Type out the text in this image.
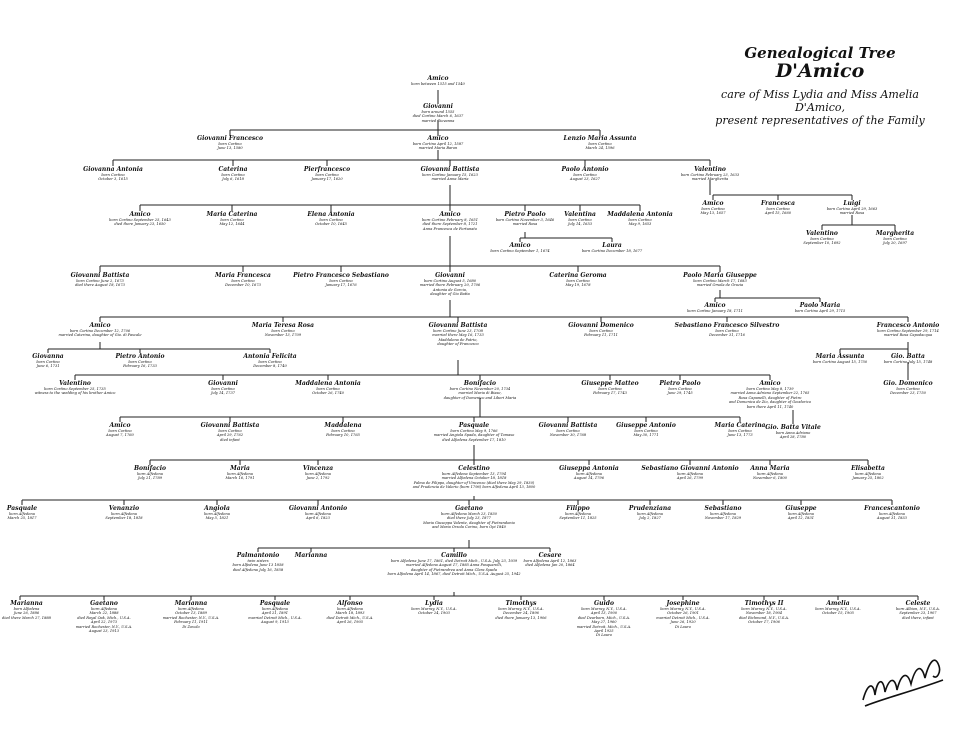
Genealogical Tree
D'Amico
care of Miss Lydia and Miss Amelia D'Amico,
present representatives of the Family
Amico
born between 1515 and 1540
Giovanni
born around 1555
died Cortino March 6, 1637
married Giovanna
Giovanni Francesco
born Cortino
June 13, 1580
Amico
born Cortino April 12, 1587
married Maria Baron
Lenzio Maria Assunta
born Cortino
March 24, 1596
Giovanna Antonia
born Cortino
October 3, 1615
Caterina
born Cortino
July 6, 1618
Pierfrancesco
born Cortino
January 17, 1620
Giovanni Battista
born Cortino January 15, 1623
married Anna Maria
Paolo Antonio
born Cortino
August 23, 1627
Valentino
born Cortino February 23, 1633
married Margherita
Amico
born Cortino September 25, 1643
died there January 23, 1650
Maria Caterina
born Cortino
May 12, 1644
Elena Antonia
born Cortino
October 10, 1645
Amico
born Cortino February 8, 1651
died there September 8, 1721
Anna Francesca de Fortunato
Pietro Paolo
born Cortino November 3, 1646
married Rosa
Valentina
born Cortino
July 14, 1653
Maddalena Antonia
born Cortino
May 9, 1653
Amico
born Cortino
May 13, 1657
Francesca
born Cortino
April 15, 1660
Luigi
born Cortino April 29, 1663
married Rosa
Amico
born Cortino September 1, 1674
Laura
born Cortino December 18, 1677
Valentino
born Cortino
September 10, 1692
Margherita
born Cortino
July 20, 1697
Giovanni Battista
born Cortino June 2, 1673
died there August 18, 1673
Maria Francesca
born Cortino
December 10, 1673
Pietro Francesco Sebastiano
born Cortino
January 17, 1676
Giovanni
born Cortino August 5, 1680
married there February 20, 1706
Antonia de Gorcia,
daughter of Gio Batta
Caterina Geroma
born Cortino
May 19, 1678
Paolo Maria Giuseppe
born Cortino March 17, 1683
married Orsola de Grazia
Amico
born Cortino January 18, 1711
Paolo Maria
born Cortino April 29, 1715
Amico
born Cortino December 12, 1706
married Caterina, daughter of Gio. di Pascale
Maria Teresa Rosa
born Cortino
November 13, 1709
Giovanni Battista
born Cortino June 23, 1708
married there May 16, 1733
Maddalena de Patrio,
daughter of Francesco
Giovanni Domenico
born Cortino
February 11, 1711
Sebastiano Francesco Silvestro
born Cortino
December 31, 1716
Francesco Antonio
born Cortino September 29, 1714
married Rosa Capodacqua
Giovanna
born Cortino
June 6, 1731
Pietro Antonio
born Cortino
February 16, 1733
Antonia Felicita
born Cortino
December 8, 1740
Maria Assunta
born Cortino August 15, 1750
Gio. Batta
born Cortino July 15, 1748
Gio. Domenico
born Cortino
December 23, 1750
Valentino
born Cortino September 25, 1735
witness to the wedding of his brother Amico
Giovanni
born Cortino
July 14, 1737
Maddalena Antonia
born Cortino
October 26, 1740
Bonifacio
born Cortino November 20, 1734
married Maria di Biase,
daughter of Domenico and Liberi Maria
Giuseppe Matteo
born Cortino
February 17, 1743
Pietro Paolo
born Cortino
June 29, 1745
Amico
born Cortino May 8, 1739
married Anna Adriano September 22, 1765
Rosa Capanelli, daughter of Pietro
and Domenica de Zio, daughter of Geodorico
born there April 11, 1740
Amico
born Cortino
August 7, 1760
Giovanni Battista
born Cortino
April 29, 1762
died infant
Maddalena
born Cortino
February 10, 1765
Pasquale
born Cortino May 9, 1766
married Angiola Spada, daughter of Tomaso
died Alfedena September 17, 1810
Giovanni Battista
born Cortino
November 30, 1768
Giuseppe Antonio
born Cortino
May 30, 1771
Maria Caterina
born Cortino
June 13, 1773
Gio. Batta Vitale
born Anna Adriano
April 28, 1780
Bonifacio
born Alfedena
July 21, 1789
Maria
born Alfedena
March 16, 1791
Vincenza
born Alfedena
June 2, 1792
Celestino
born Alfedena September 13, 1794
married Alfedena October 18, 1818
Palma de Filippo, daughter of Vincenzo (died there May 29, 1830)
and Prudenzia de Valerio (born 1796) born Alfedena April 13, 1800
Giuseppa Antonia
born Alfedena
August 14, 1796
Sebastiano Giovanni Antonio
born Alfedena
April 26, 1799
Anna Maria
born Alfedena
November 6, 1800
Elisabetta
born Alfedena
January 25, 1802
Pasquale
born Alfedena
March 25, 1817
Venanzio
born Alfedena
September 18, 1818
Angiola
born Alfedena
May 5, 1821
Giovanni Antonio
born Alfedena
April 6, 1823
Gaetano
born Alfedena March 23, 1830
died there July 23, 1877
Maria Giuseppa Valente, daughter of Pietrandonio
and Maria Orsola Corino, born Opi 1840
Filippo
born Alfedena
September 11, 1825
Prudenziana
born Alfedena
July 2, 1827
Sebastiano
born Alfedena
November 17, 1829
Giuseppe
born Alfedena
April 12, 1831
Francescantonio
born Alfedena
August 31, 1833
Palmantonio
twin sisters
born Alfedena June 13 1858
died Alfedena July 16, 1858
Marianna	Camillo
born Alfedena June 17, 1861, died Detroit Mich., U.S.A. July 23, 1939
married Alfedena August 17, 1885 Anna Pasquarelli,
daughter of Pietrandrea and Anna Clara Spada
born Alfedena April 14, 1867, died Detroit Mich., U.S.A. August 25, 1942
Cesare
born Alfedena April 12, 1863
died Alfedena Jan 20, 1864
Marianna
born Alfedena
June 26, 1886
died there March 27, 1888
Gaetano
born Alfedena
March 22, 1888
died Royal Oak, Mich., U.S.A.
April 22, 1973
married Rochester, N.Y., U.S.A.
August 23, 1913
Marianna
born Alfedena
October 13, 1889
married Rochester, N.Y., U.S.A.
February 11, 1911
Di Zovolo
Pasquale
born Alfedena
April 21, 1891
married Detroit Mich., U.S.A.
August 9, 1913
Alfonso
born Alfedena
March 18, 1893
died Detroit Mich., U.S.A.
April 26, 1905
Lydia
born Murray, N.Y., U.S.A.
October 24, 1903
Timothys
born Murray, N.Y., U.S.A.
December 24, 1896
died there January 13, 1906
Guido
born Murray, N.Y., U.S.A.
April 13, 1900
died Dearborn, Mich., U.S.A.
May 27, 1960
married Detroit, Mich., U.S.A.
April 1925
Di Lauro
Josephine
born Murray, N.Y., U.S.A.
October 26, 1901
married Detroit Mich., U.S.A.
June 26, 1920
Di Lauro
Timothys II
born Murray, N.Y., U.S.A.
November 18, 1904
died Richmond, N.Y., U.S.A.
October 17, 1906
Amelia
born Murray, N.Y., U.S.A.
October 15, 1905
Celeste
born Albion, N.Y., U.S.A.
September 23, 1907
died there, infant
